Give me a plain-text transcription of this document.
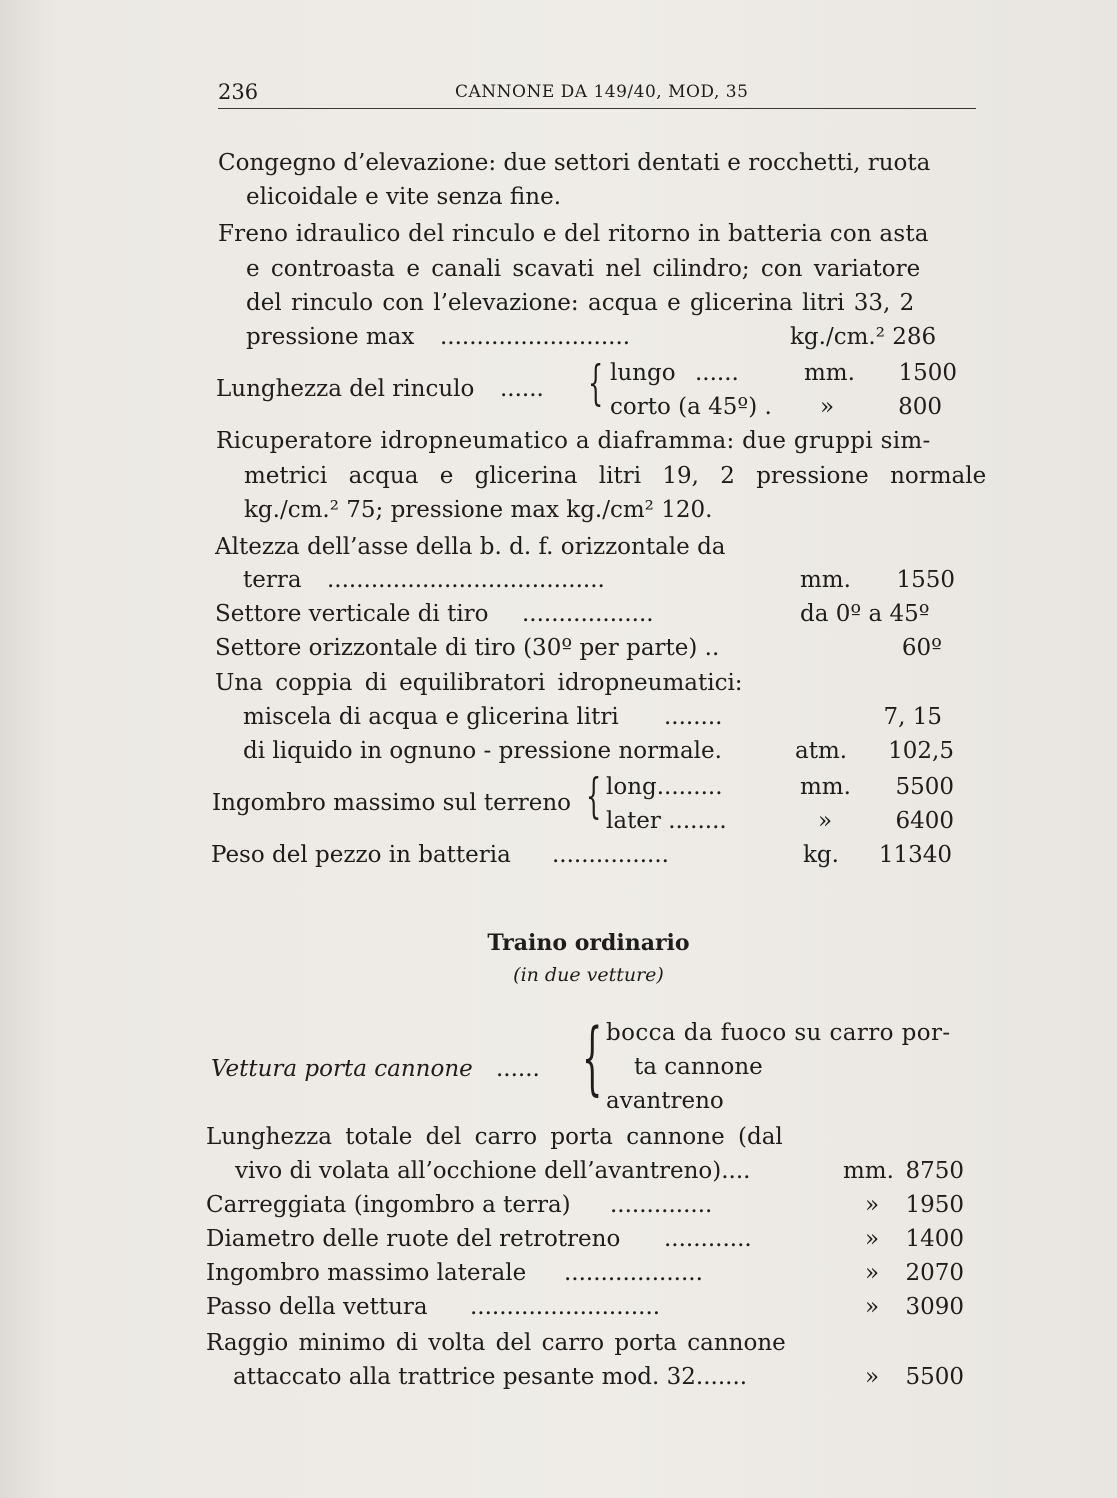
236	CANNONE DA 149/40, MOD, 35
Congegno d’elevazione: due settori dentati e rocchetti, ruota
elicoidale e vite senza fine.
Freno idraulico del rinculo e del ritorno in batteria con asta
e controasta e canali scavati nel cilindro; con variatore
del rinculo con l’elevazione: acqua e glicerina litri 33, 2
pressione max ..........................	kg./cm.² 286
Lunghezza del rinculo ...... { lungo ......	mm.	1500
corto (a 45º) . »	800
Ricuperatore idropneumatico a diaframma: due gruppi sim-
metrici acqua e glicerina litri 19, 2 pressione normale
kg./cm.² 75; pressione max kg./cm² 120.
Altezza dell’asse della b. d. f. orizzontale da
terra ......................................	mm.	1550
Settore verticale di tiro ..................	da 0º a 45º
Settore orizzontale di tiro (30º per parte) ..	60º
Una coppia di equilibratori idropneumatici:
miscela di acqua e glicerina litri ........	7, 15
di liquido in ognuno - pressione normale.	atm.	102,5
Ingombro massimo sul terreno { long.........	mm.	5500
later ........	»	6400
Peso del pezzo in batteria ................	kg.	11340
Traino ordinario
(in due vetture)
Vettura porta cannone ...... { bocca da fuoco su carro por-
ta cannone
avantreno
Lunghezza totale del carro porta cannone (dal
vivo di volata all’occhione dell’avantreno)....	mm. 8750
Carreggiata (ingombro a terra) ..............	»	1950
Diametro delle ruote del retrotreno ............	»	1400
Ingombro massimo laterale ...................	»	2070
Passo della vettura ..........................	»	3090
Raggio minimo di volta del carro porta cannone
attaccato alla trattrice pesante mod. 32.......	»	5500
